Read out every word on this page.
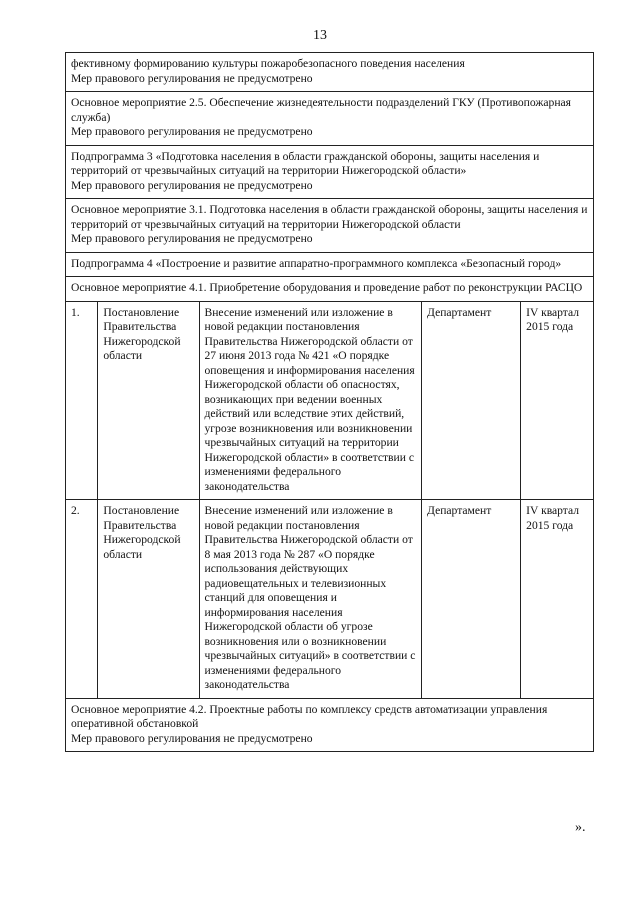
13

фективному формированию культуры пожаробезопасного поведения населения

Мер правового регулирования не предусмотрено				

Основное мероприятие 2.5. Обеспечение жизнедеятельности подразделений ГКУ (Противопожарная служба)

Мер правового регулирования не предусмотрено				

Подпрограмма 3 «Подготовка населения в области гражданской обороны, защиты населения и территорий от чрезвычайных ситуаций на территории Нижегородской области»

Мер правового регулирования не предусмотрено				

Основное мероприятие 3.1. Подготовка населения в области гражданской обороны, защиты населения и территорий от чрезвычайных ситуаций на территории Нижегородской области

Мер правового регулирования не предусмотрено				

Подпрограмма 4 «Построение и развитие аппаратно-программного комплекса «Безопасный город»				

Основное мероприятие 4.1. Приобретение оборудования и проведение работ по реконструкции РАСЦО				

1.	Постановление Правительства Нижегородской области	Внесение изменений или изложение в новой редакции постановления Правительства Нижегородской области от 27 июня 2013 года № 421 «О порядке оповещения и информирования населения Нижегородской области об опасностях, возникающих при ведении военных действий или вследствие этих действий, угрозе возникновения или возникновении чрезвычайных ситуаций на территории Нижегородской области» в соответствии с изменениями федерального законодательства	Департамент	IV квартал 2015 года
2.	Постановление Правительства Нижегородской области	Внесение изменений или изложение в новой редакции постановления Правительства Нижегородской области от 8 мая 2013 года № 287 «О порядке использования действующих радиовещательных и телевизионных станций для оповещения и информирования населения Нижегородской области об угрозе возникновения или о возникновении чрезвычайных ситуаций» в соответствии с изменениями федерального законодательства	Департамент	IV квартал 2015 года

Основное мероприятие 4.2. Проектные работы по комплексу средств автоматизации управления оперативной обстановкой

Мер правового регулирования не предусмотрено				

».
